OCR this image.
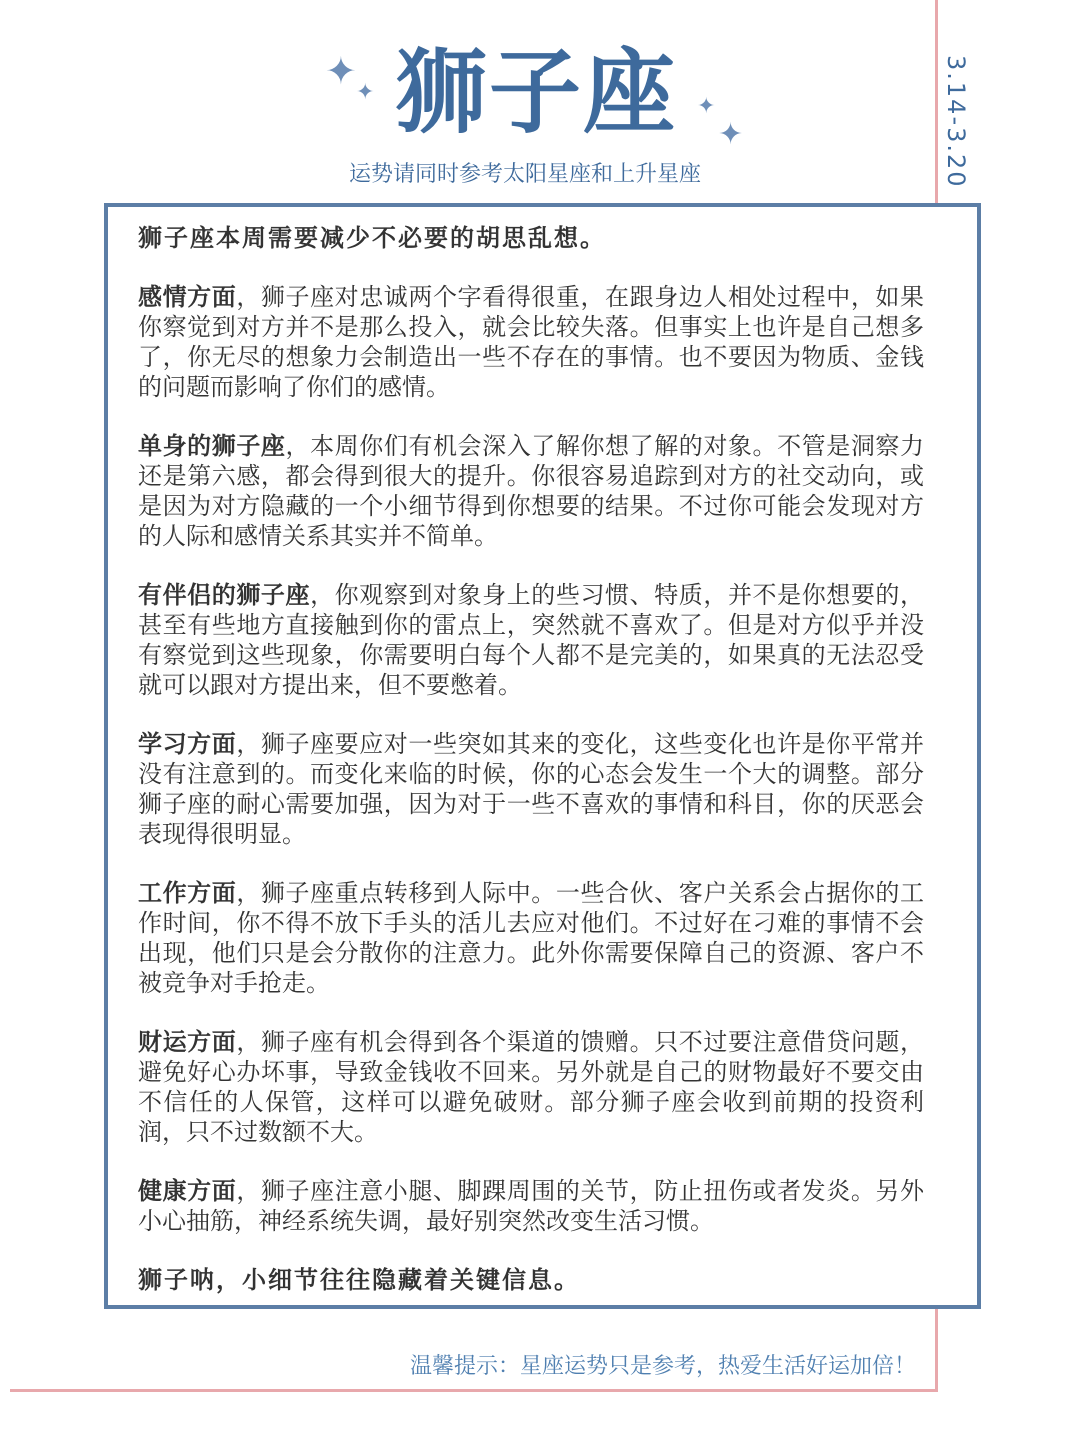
✦ ✦
✦
✦
狮子座
运势请同时参考太阳星座和上升星座	3.14-3.20

狮子座本周需要减少不必要的胡思乱想。

感情方面，狮子座对忠诚两个字看得很重，在跟身边人相处过程中，如果你察觉到对方并不是那么投入，就会比较失落。但事实上也许是自己想多了，你无尽的想象力会制造出一些不存在的事情。也不要因为物质、金钱的问题而影响了你们的感情。

单身的狮子座，本周你们有机会深入了解你想了解的对象。不管是洞察力还是第六感，都会得到很大的提升。你很容易追踪到对方的社交动向，或是因为对方隐藏的一个小细节得到你想要的结果。不过你可能会发现对方的人际和感情关系其实并不简单。

有伴侣的狮子座，你观察到对象身上的些习惯、特质，并不是你想要的，甚至有些地方直接触到你的雷点上，突然就不喜欢了。但是对方似乎并没有察觉到这些现象，你需要明白每个人都不是完美的，如果真的无法忍受就可以跟对方提出来，但不要憋着。

学习方面，狮子座要应对一些突如其来的变化，这些变化也许是你平常并没有注意到的。而变化来临的时候，你的心态会发生一个大的调整。部分狮子座的耐心需要加强，因为对于一些不喜欢的事情和科目，你的厌恶会表现得很明显。

工作方面，狮子座重点转移到人际中。一些合伙、客户关系会占据你的工作时间，你不得不放下手头的活儿去应对他们。不过好在刁难的事情不会出现，他们只是会分散你的注意力。此外你需要保障自己的资源、客户不被竞争对手抢走。

财运方面，狮子座有机会得到各个渠道的馈赠。只不过要注意借贷问题，避免好心办坏事，导致金钱收不回来。另外就是自己的财物最好不要交由不信任的人保管，这样可以避免破财。部分狮子座会收到前期的投资利润，只不过数额不大。

健康方面，狮子座注意小腿、脚踝周围的关节，防止扭伤或者发炎。另外小心抽筋，神经系统失调，最好别突然改变生活习惯。

狮子呐，小细节往往隐藏着关键信息。

温馨提示：星座运势只是参考，热爱生活好运加倍！
